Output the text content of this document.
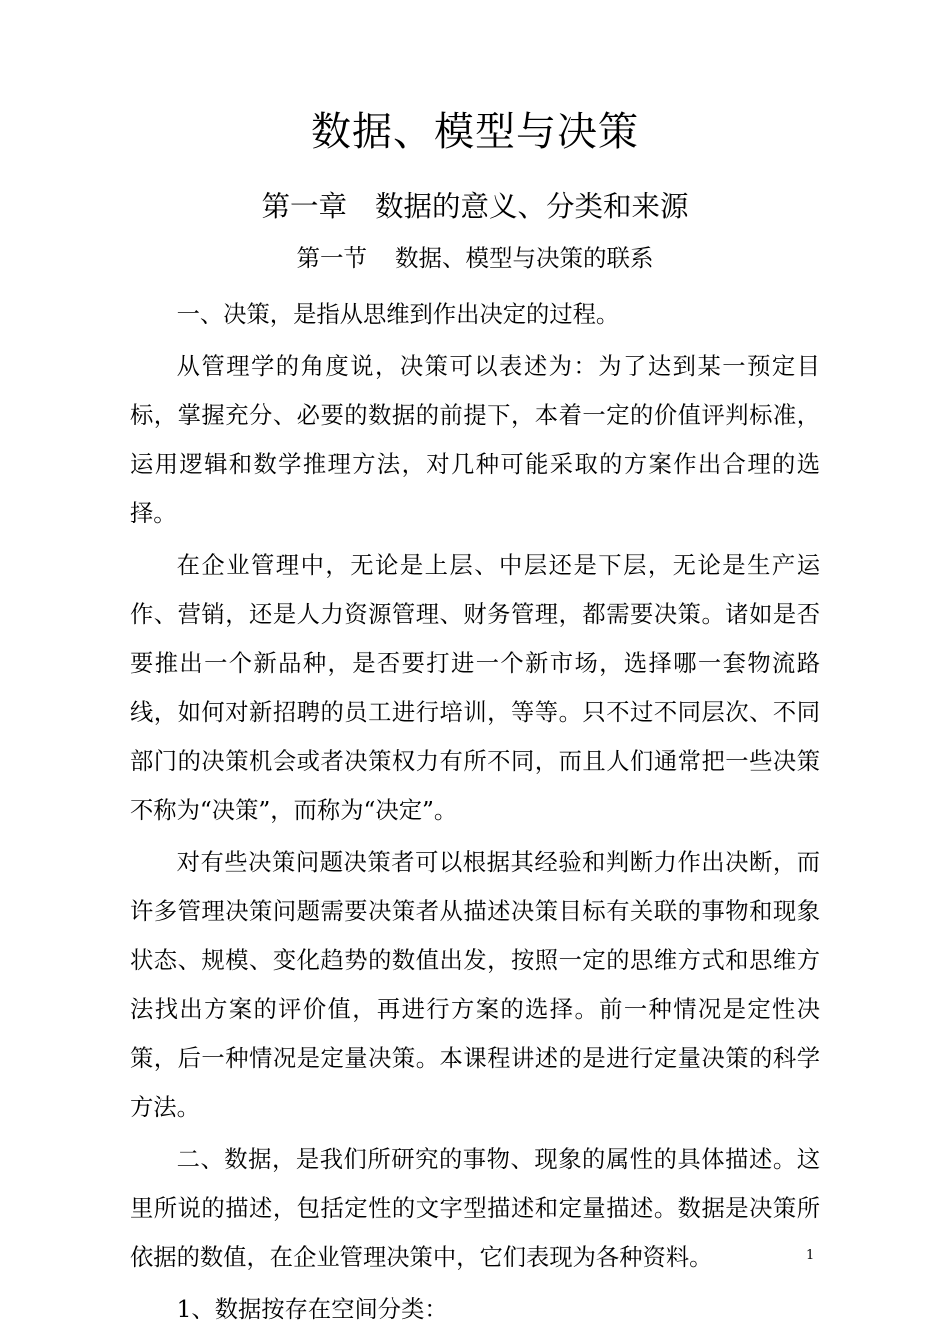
数据、模型与决策
第一章 数据的意义、分类和来源
第一节 数据、模型与决策的联系

一、决策，是指从思维到作出决定的过程。

从管理学的角度说，决策可以表述为：为了达到某一预定目标，掌握充分、必要的数据的前提下，本着一定的价值评判标准，运用逻辑和数学推理方法，对几种可能采取的方案作出合理的选择。

在企业管理中，无论是上层、中层还是下层，无论是生产运作、营销，还是人力资源管理、财务管理，都需要决策。诸如是否要推出一个新品种，是否要打进一个新市场，选择哪一套物流路线，如何对新招聘的员工进行培训，等等。只不过不同层次、不同部门的决策机会或者决策权力有所不同，而且人们通常把一些决策不称为“决策”，而称为“决定”。

对有些决策问题决策者可以根据其经验和判断力作出决断，而许多管理决策问题需要决策者从描述决策目标有关联的事物和现象状态、规模、变化趋势的数值出发，按照一定的思维方式和思维方法找出方案的评价值，再进行方案的选择。前一种情况是定性决策，后一种情况是定量决策。本课程讲述的是进行定量决策的科学方法。

二、数据，是我们所研究的事物、现象的属性的具体描述。这里所说的描述，包括定性的文字型描述和定量描述。数据是决策所依据的数值，在企业管理决策中，它们表现为各种资料。

1、数据按存在空间分类：

1
